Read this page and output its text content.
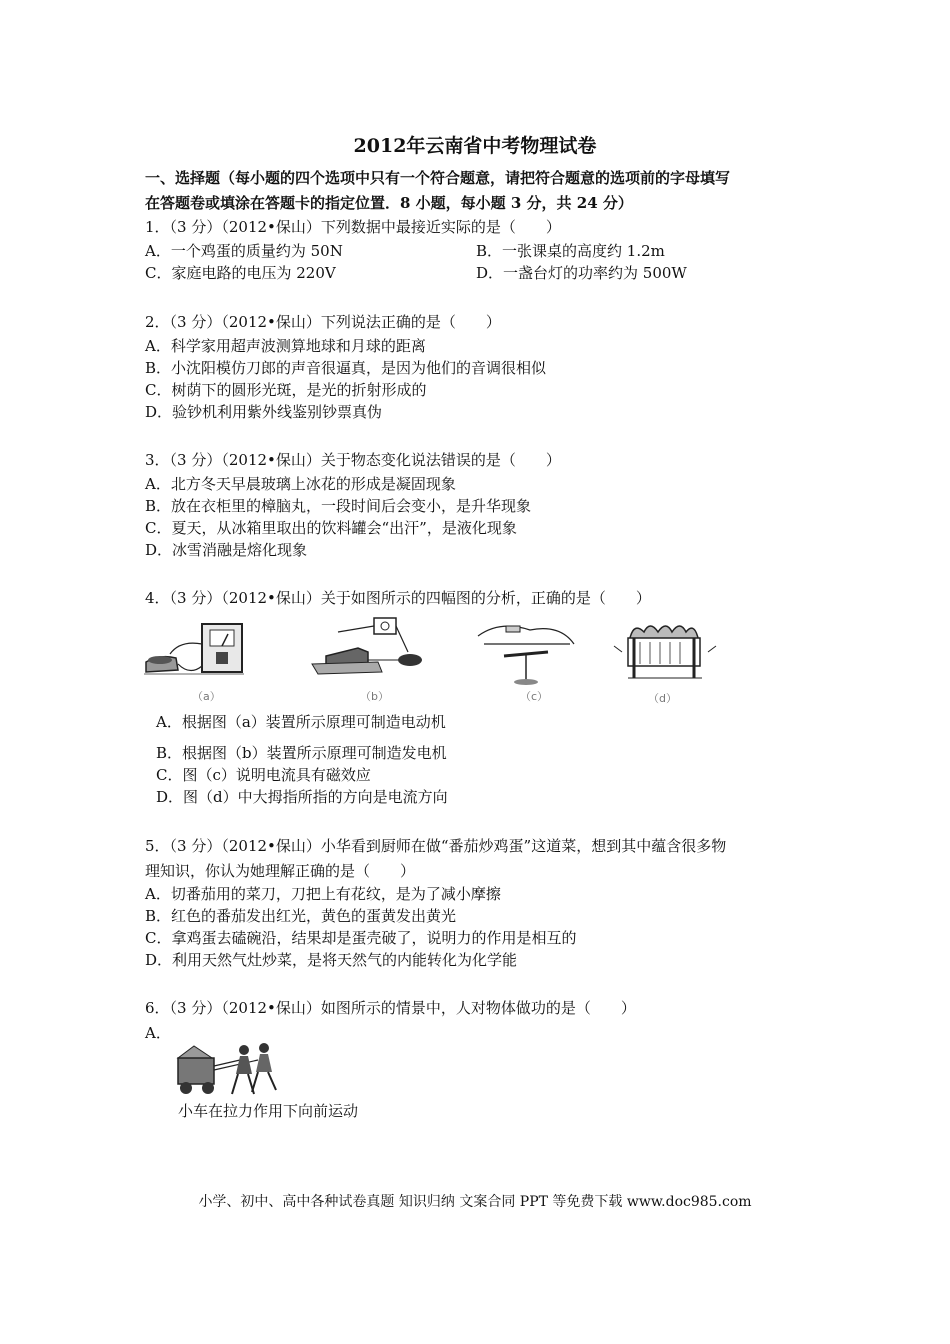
2012年云南省中考物理试卷
一、选择题（每小题的四个选项中只有一个符合题意，请把符合题意的选项前的字母填写
在答题卷或填涂在答题卡的指定位置．8 小题，每小题 3 分，共 24 分）
1．（3 分）（2012•保山）下列数据中最接近实际的是（　　）
A．一个鸡蛋的质量约为 50N	B．一张课桌的高度约 1.2m
C．家庭电路的电压为 220V	D．一盏台灯的功率约为 500W
2．（3 分）（2012•保山）下列说法正确的是（　　）
A．科学家用超声波测算地球和月球的距离
B．小沈阳模仿刀郎的声音很逼真，是因为他们的音调很相似
C．树荫下的圆形光斑，是光的折射形成的
D．验钞机利用紫外线鉴别钞票真伪
3．（3 分）（2012•保山）关于物态变化说法错误的是（　　）
A．北方冬天早晨玻璃上冰花的形成是凝固现象
B．放在衣柜里的樟脑丸，一段时间后会变小，是升华现象
C．夏天，从冰箱里取出的饮料罐会“出汗”，是液化现象
D．冰雪消融是熔化现象
4．（3 分）（2012•保山）关于如图所示的四幅图的分析，正确的是（　　）
（a）	（b）	（c）	（d）
A．根据图（a）装置所示原理可制造电动机
B．根据图（b）装置所示原理可制造发电机
C．图（c）说明电流具有磁效应
D．图（d）中大拇指所指的方向是电流方向
5．（3 分）（2012•保山）小华看到厨师在做“番茄炒鸡蛋”这道菜，想到其中蕴含很多物
理知识，你认为她理解正确的是（　　）
A．切番茄用的菜刀，刀把上有花纹，是为了减小摩擦
B．红色的番茄发出红光，黄色的蛋黄发出黄光
C．拿鸡蛋去磕碗沿，结果却是蛋壳破了，说明力的作用是相互的
D．利用天然气灶炒菜，是将天然气的内能转化为化学能
6．（3 分）（2012•保山）如图所示的情景中，人对物体做功的是（　　）
A．
小车在拉力作用下向前运动
小学、初中、高中各种试卷真题 知识归纳 文案合同 PPT 等免费下载 www.doc985.com
